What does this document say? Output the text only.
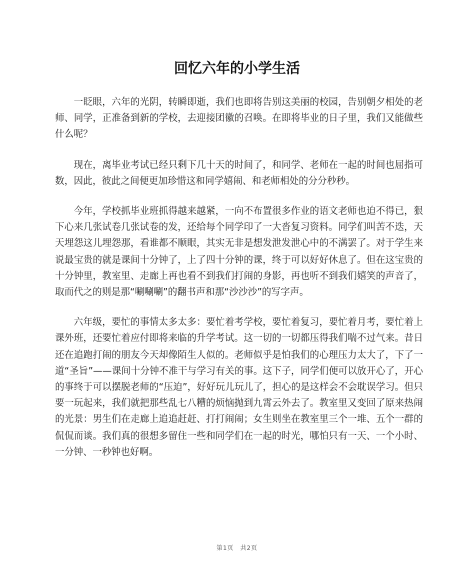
回忆六年的小学生活

一眨眼，六年的光阴，转瞬即逝，我们也即将告别这美丽的校园，告别朝夕相处的老师、同学，正准备到新的学校，去迎接团徽的召唤。在即将毕业的日子里，我们又能做些什么呢？

现在，离毕业考试已经只剩下几十天的时间了，和同学、老师在一起的时间也屈指可数，因此，彼此之间便更加珍惜这和同学嬉闹、和老师相处的分分秒秒。

今年，学校抓毕业班抓得越来越紧，一向不布置很多作业的语文老师也迫不得已，狠下心来几张试卷几张试卷的发，还给每个同学印了一大沓复习资料。同学们叫苦不迭，天天埋怨这儿埋怨那，看谁都不顺眼，其实无非是想发泄发泄心中的不满罢了。对于学生来说最宝贵的就是课间十分钟了，上了四十分钟的课，终于可以好好休息了。但在这宝贵的十分钟里，教室里、走廊上再也看不到我们打闹的身影，再也听不到我们嬉笑的声音了，取而代之的则是那“唰唰唰”的翻书声和那“沙沙沙”的写字声。

六年级，要忙的事情太多太多：要忙着考学校，要忙着复习，要忙着月考，要忙着上课外班，还要忙着应付即将来临的升学考试。这一切的一切都压得我们喘不过气来。昔日还在追跑打闹的朋友今天却像陌生人似的。老师似乎是怕我们的心理压力太大了，下了一道“圣旨”——课间十分钟不准干与学习有关的事。这下子，同学们便可以放开心了，开心的事终于可以摆脱老师的“压迫”，好好玩儿玩儿了，担心的是这样会不会耽误学习。但只要一玩起来，我们就把那些乱七八糟的烦恼抛到九霄云外去了。教室里又变回了原来热闹的光景：男生们在走廊上追追赶赶、打打闹闹；女生则坐在教室里三个一堆、五个一群的侃侃而谈。我们真的很想多留住一些和同学们在一起的时光，哪怕只有一天、一个小时、一分钟、一秒钟也好啊。

第1页 共2页
